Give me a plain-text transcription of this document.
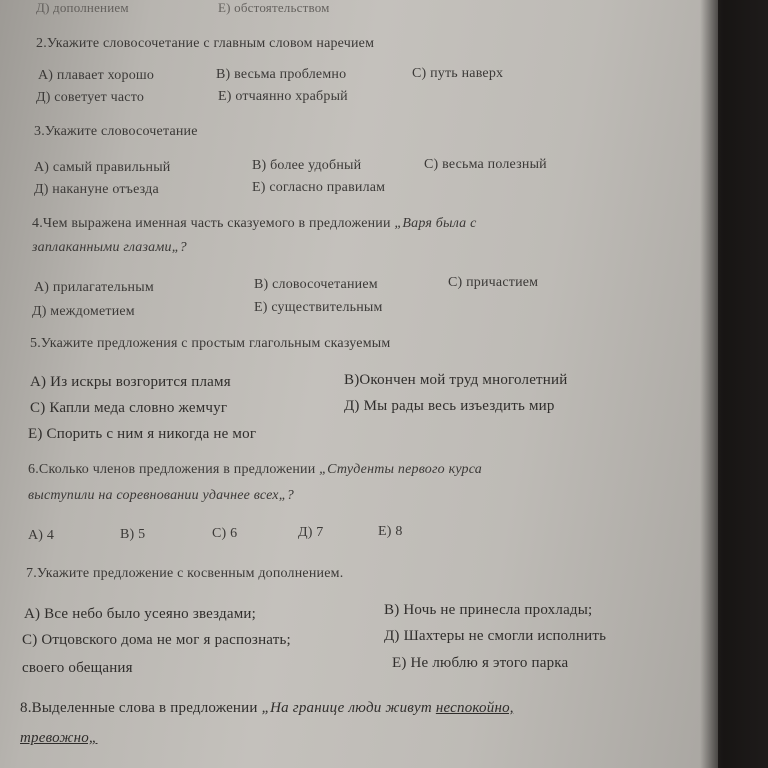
Д) дополнением	Е) обстоятельством
2.Укажите словосочетание с главным словом наречием
А) плавает хорошо	В) весьма проблемно	С) путь наверх
Д) советует часто	Е) отчаянно храбрый
3.Укажите словосочетание
А) самый правильный	В) более удобный	С) весьма полезный
Д) накануне отъезда	Е) согласно правилам
4.Чем выражена именная часть сказуемого в предложении „Варя была с
заплаканными глазами„?
А) прилагательным	В) словосочетанием	С) причастием
Д) междометием	Е) существительным
5.Укажите предложения с простым глагольным сказуемым
А) Из искры возгорится пламя	В)Окончен мой труд многолетний
С) Капли меда словно жемчуг	Д) Мы рады весь изъездить мир
Е) Спорить с ним я никогда не мог
6.Сколько членов предложения в предложении „Студенты первого курса
выступили на соревновании удачнее всех„?
А) 4	В) 5	С) 6	Д) 7	Е) 8
7.Укажите предложение с косвенным дополнением.
А) Все небо было усеяно звездами;	В) Ночь не принесла прохлады;
С) Отцовского дома не мог я распознать;	Д) Шахтеры не смогли исполнить
своего обещания	Е) Не люблю я этого парка
8.Выделенные слова в предложении „На границе люди живут неспокойно,
тревожно„
